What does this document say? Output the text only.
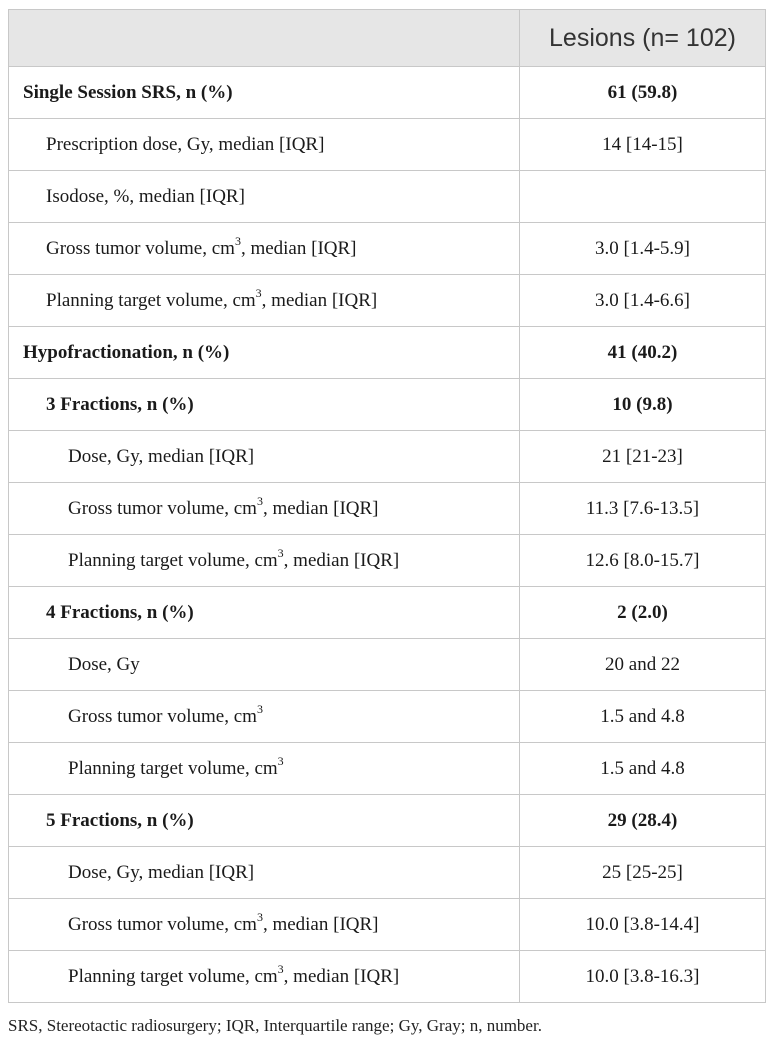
	Lesions (n= 102)
Single Session SRS, n (%)	61 (59.8)
Prescription dose, Gy, median [IQR]	14 [14-15]
Isodose, %, median [IQR]	
Gross tumor volume, $cm^3$, median [IQR]	3.0 [1.4-5.9]
Planning target volume, $cm^3$, median [IQR]	3.0 [1.4-6.6]
Hypofractionation, n (%)	41 (40.2)
3 Fractions, n (%)	10 (9.8)
Dose, Gy, median [IQR]	21 [21-23]
Gross tumor volume, $cm^3$, median [IQR]	11.3 [7.6-13.5]
Planning target volume, $cm^3$, median [IQR]	12.6 [8.0-15.7]
4 Fractions, n (%)	2 (2.0)
Dose, Gy	20 and 22
Gross tumor volume, $cm^3$	1.5 and 4.8
Planning target volume, $cm^3$	1.5 and 4.8
5 Fractions, n (%)	29 (28.4)
Dose, Gy, median [IQR]	25 [25-25]
Gross tumor volume, $cm^3$, median [IQR]	10.0 [3.8-14.4]
Planning target volume, $cm^3$, median [IQR]	10.0 [3.8-16.3]
SRS, Stereotactic radiosurgery; IQR, Interquartile range; Gy, Gray; n, number.
